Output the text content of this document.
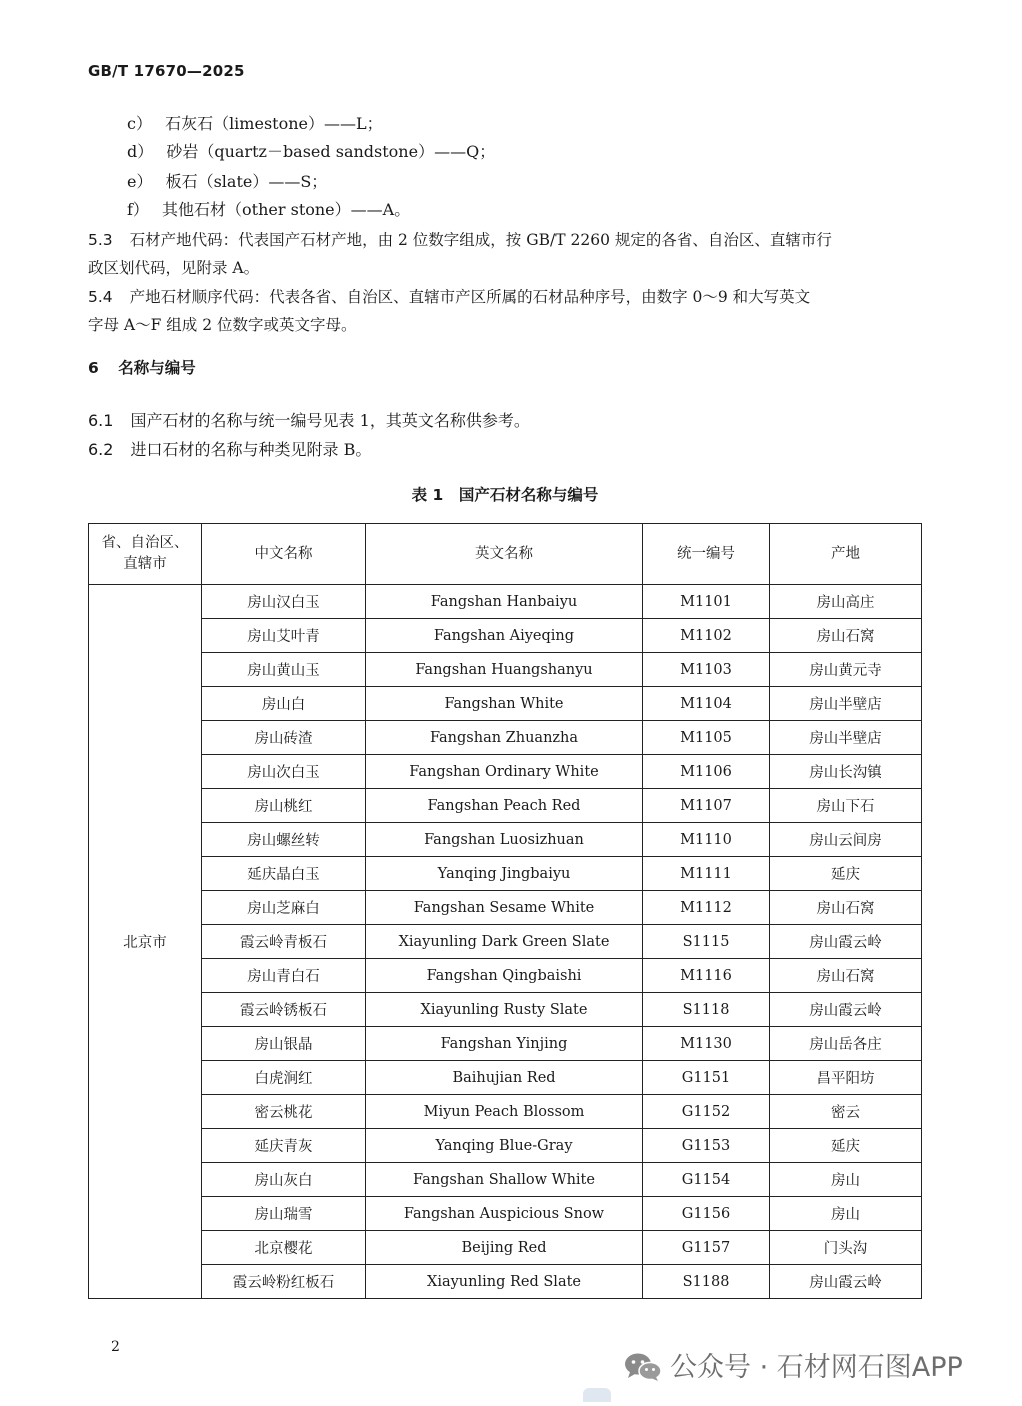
GB/T 17670—2025
c） 石灰石（limestone）——L；
d） 砂岩（quartz－based sandstone）——Q；
e） 板石（slate）——S；
f） 其他石材（other stone）——A。
5.3 石材产地代码：代表国产石材产地，由 2 位数字组成，按 GB/T 2260 规定的各省、自治区、直辖市行
政区划代码，见附录 A。
5.4 产地石材顺序代码：代表各省、自治区、直辖市产区所属的石材品种序号，由数字 0～9 和大写英文
字母 A～F 组成 2 位数字或英文字母。
6 名称与编号
6.1 国产石材的名称与统一编号见表 1，其英文名称供参考。
6.2 进口石材的名称与种类见附录 B。
表 1　国产石材名称与编号
省、自治区、
直辖市	中文名称	英文名称	统一编号	产地
北京市	房山汉白玉	Fangshan Hanbaiyu	M1101	房山高庄
	房山艾叶青	Fangshan Aiyeqing	M1102	房山石窝
	房山黄山玉	Fangshan Huangshanyu	M1103	房山黄元寺
	房山白	Fangshan White	M1104	房山半壁店
	房山砖渣	Fangshan Zhuanzha	M1105	房山半壁店
	房山次白玉	Fangshan Ordinary White	M1106	房山长沟镇
	房山桃红	Fangshan Peach Red	M1107	房山下石
	房山螺丝转	Fangshan Luosizhuan	M1110	房山云间房
	延庆晶白玉	Yanqing Jingbaiyu	M1111	延庆
	房山芝麻白	Fangshan Sesame White	M1112	房山石窝
	霞云岭青板石	Xiayunling Dark Green Slate	S1115	房山霞云岭
	房山青白石	Fangshan Qingbaishi	M1116	房山石窝
	霞云岭锈板石	Xiayunling Rusty Slate	S1118	房山霞云岭
	房山银晶	Fangshan Yinjing	M1130	房山岳各庄
	白虎涧红	Baihujian Red	G1151	昌平阳坊
	密云桃花	Miyun Peach Blossom	G1152	密云
	延庆青灰	Yanqing Blue-Gray	G1153	延庆
	房山灰白	Fangshan Shallow White	G1154	房山
	房山瑞雪	Fangshan Auspicious Snow	G1156	房山
	北京樱花	Beijing Red	G1157	门头沟
	霞云岭粉红板石	Xiayunling Red Slate	S1188	房山霞云岭
2
公众号 · 石材网石图APP
